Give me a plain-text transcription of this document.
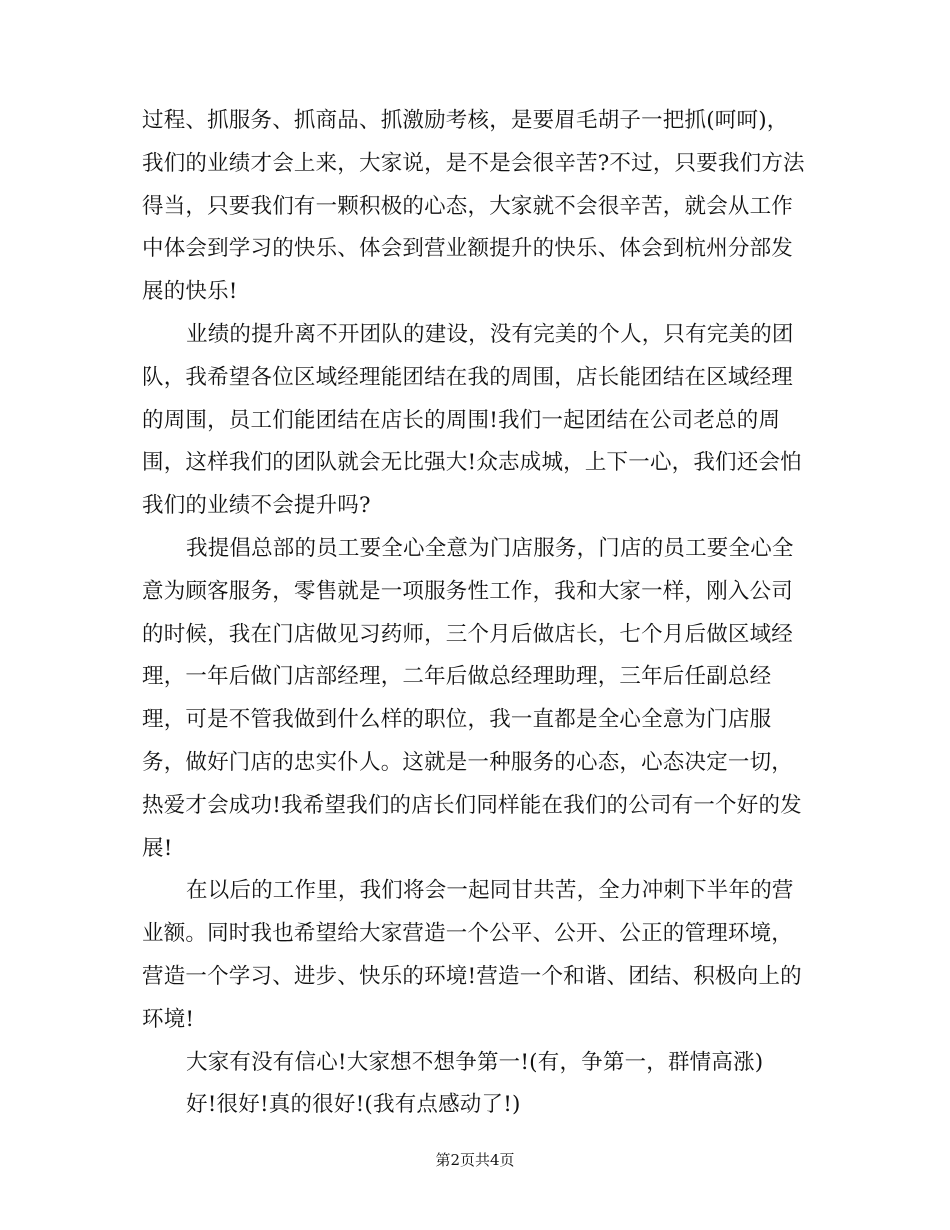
过程、抓服务、抓商品、抓激励考核，是要眉毛胡子一把抓(呵呵)，
我们的业绩才会上来，大家说，是不是会很辛苦?不过，只要我们方法
得当，只要我们有一颗积极的心态，大家就不会很辛苦，就会从工作
中体会到学习的快乐、体会到营业额提升的快乐、体会到杭州分部发
展的快乐!
业绩的提升离不开团队的建设，没有完美的个人，只有完美的团
队，我希望各位区域经理能团结在我的周围，店长能团结在区域经理
的周围，员工们能团结在店长的周围!我们一起团结在公司老总的周
围，这样我们的团队就会无比强大!众志成城，上下一心，我们还会怕
我们的业绩不会提升吗?
我提倡总部的员工要全心全意为门店服务，门店的员工要全心全
意为顾客服务，零售就是一项服务性工作，我和大家一样，刚入公司
的时候，我在门店做见习药师，三个月后做店长，七个月后做区域经
理，一年后做门店部经理，二年后做总经理助理，三年后任副总经
理，可是不管我做到什么样的职位，我一直都是全心全意为门店服
务，做好门店的忠实仆人。这就是一种服务的心态，心态决定一切，
热爱才会成功!我希望我们的店长们同样能在我们的公司有一个好的发
展!
在以后的工作里，我们将会一起同甘共苦，全力冲刺下半年的营
业额。同时我也希望给大家营造一个公平、公开、公正的管理环境，
营造一个学习、进步、快乐的环境!营造一个和谐、团结、积极向上的
环境!
大家有没有信心!大家想不想争第一!(有，争第一，群情高涨)
好!很好!真的很好!(我有点感动了!)
第2页共4页
